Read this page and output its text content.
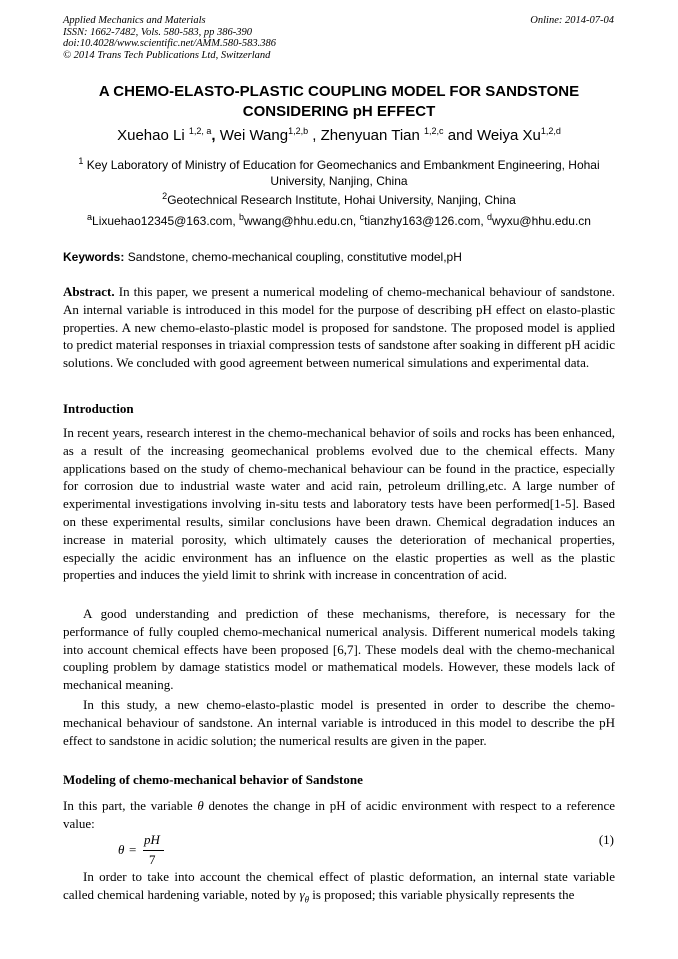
Applied Mechanics and Materials
ISSN: 1662-7482, Vols. 580-583, pp 386-390
doi:10.4028/www.scientific.net/AMM.580-583.386
© 2014 Trans Tech Publications Ltd, Switzerland
Online: 2014-07-04
A CHEMO-ELASTO-PLASTIC COUPLING MODEL FOR SANDSTONE
CONSIDERING pH EFFECT
Xuehao Li $^{1,2, a}$, Wei Wang$^{1,2,b}$ , Zhenyuan Tian $^{1,2,c}$ and Weiya Xu$^{1,2,d}$
$^1$ Key Laboratory of Ministry of Education for Geomechanics and Embankment Engineering, Hohai University, Nanjing, China
$^2$Geotechnical Research Institute, Hohai University, Nanjing, China
$^a$Lixuehao12345@163.com, $^b$wwang@hhu.edu.cn, $^c$tianzhy163@126.com, $^d$wyxu@hhu.edu.cn
Keywords: Sandstone, chemo-mechanical coupling, constitutive model,pH

Abstract. In this paper, we present a numerical modeling of chemo-mechanical behaviour of sandstone. An internal variable is introduced in this model for the purpose of describing pH effect on elasto-plastic properties. A new chemo-elasto-plastic model is proposed for sandstone. The proposed model is applied to predict material responses in triaxial compression tests of sandstone after soaking in different pH acidic solutions. We concluded with good agreement between numerical simulations and experimental data.

Introduction

In recent years, research interest in the chemo-mechanical behavior of soils and rocks has been enhanced, as a result of the increasing geomechanical problems evolved due to the chemical effects. Many applications based on the study of chemo-mechanical behaviour can be found in the practice, especially for corrosion due to industrial waste water and acid rain, petroleum drilling,etc. A large number of experimental investigations involving in-situ tests and laboratory tests have been performed[1-5]. Based on these experimental results, similar conclusions have been drawn. Chemical degradation induces an increase in material porosity, which ultimately causes the deterioration of mechanical properties, especially the acidic environment has an influence on the elastic properties as well as the plastic properties and induces the yield limit to shrink with increase in concentration of acid.

A good understanding and prediction of these mechanisms, therefore, is necessary for the performance of fully coupled chemo-mechanical numerical analysis. Different numerical models taking into account chemical effects have been proposed [6,7]. These models deal with the chemo-mechanical coupling problem by damage statistics model or mathematical models. However, these models lack of mechanical meaning.

In this study, a new chemo-elasto-plastic model is presented in order to describe the chemo-mechanical behaviour of sandstone. An internal variable is introduced in this model to describe the pH effect to sandstone in acidic solution; the numerical results are given in the paper.

Modeling of chemo-mechanical behavior of Sandstone

In this part, the variable θ denotes the change in pH of acidic environment with respect to a reference value:

θ =
pH
7
(1)

In order to take into account the chemical effect of plastic deformation, an internal state variable called chemical hardening variable, noted by $\gamma_\theta$ is proposed; this variable physically represents the
